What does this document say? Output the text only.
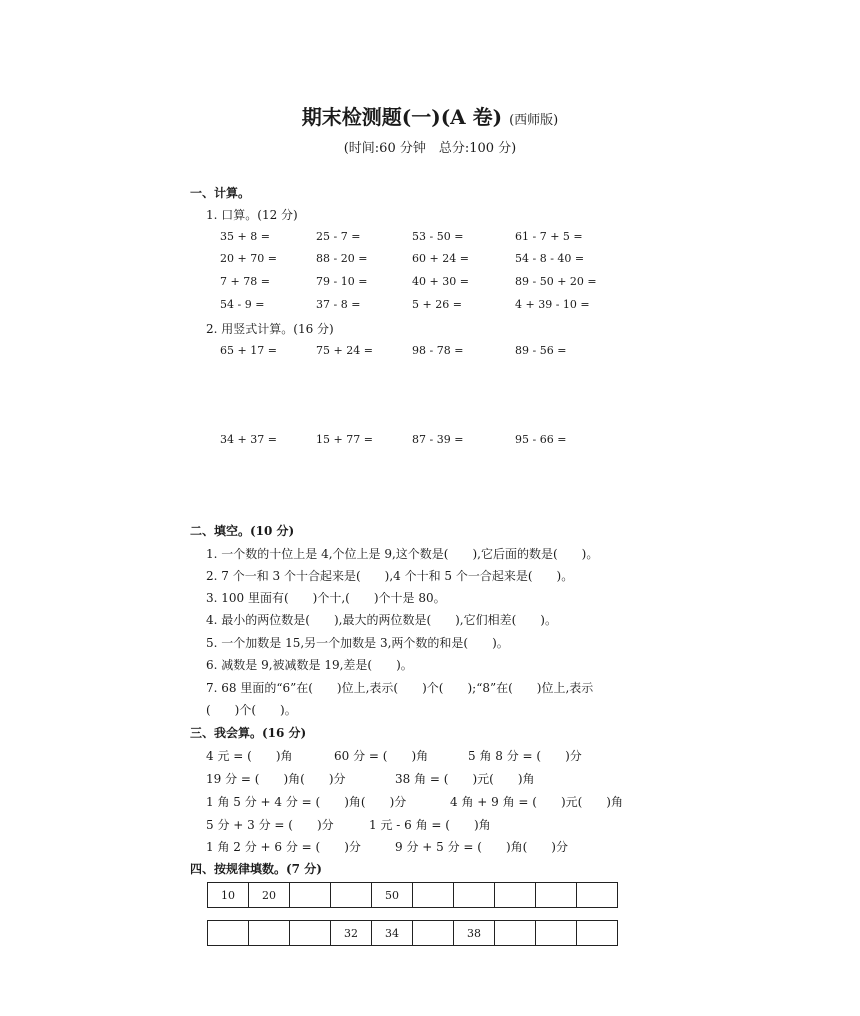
期末检测题(一)(A 卷) (西师版)
(时间:60 分钟　总分:100 分)
一、计算。
1. 口算。(12 分)
35 + 8 =	25 - 7 =	53 - 50 =	61 - 7 + 5 =
20 + 70 =	88 - 20 =	60 + 24 =	54 - 8 - 40 =
7 + 78 =	79 - 10 =	40 + 30 =	89 - 50 + 20 =
54 - 9 =	37 - 8 =	5 + 26 =	4 + 39 - 10 =
2. 用竖式计算。(16 分)
65 + 17 =	75 + 24 =	98 - 78 =	89 - 56 =
34 + 37 =	15 + 77 =	87 - 39 =	95 - 66 =
二、填空。(10 分)
1. 一个数的十位上是 4,个位上是 9,这个数是(　　),它后面的数是(　　)。
2. 7 个一和 3 个十合起来是(　　),4 个十和 5 个一合起来是(　　)。
3. 100 里面有(　　)个十,(　　)个十是 80。
4. 最小的两位数是(　　),最大的两位数是(　　),它们相差(　　)。
5. 一个加数是 15,另一个加数是 3,两个数的和是(　　)。
6. 减数是 9,被减数是 19,差是(　　)。
7. 68 里面的“6”在(　　)位上,表示(　　)个(　　);“8”在(　　)位上,表示
(　　)个(　　)。
三、我会算。(16 分)
4 元 = (　　)角	60 分 = (　　)角	5 角 8 分 = (　　)分
19 分 = (　　)角(　　)分	38 角 = (　　)元(　　)角
1 角 5 分 + 4 分 = (　　)角(　　)分	4 角 + 9 角 = (　　)元(　　)角
5 分 + 3 分 = (　　)分	1 元 - 6 角 = (　　)角
1 角 2 分 + 6 分 = (　　)分	9 分 + 5 分 = (　　)角(　　)分
四、按规律填数。(7 分)
10	20			50					
			32	34		38			
